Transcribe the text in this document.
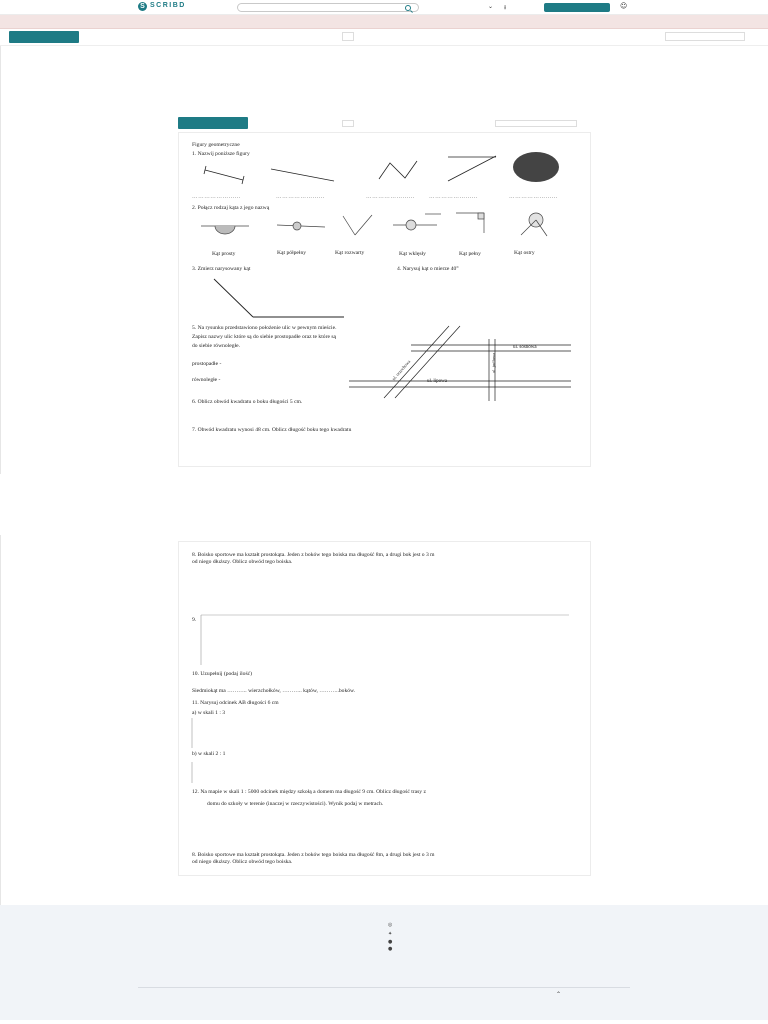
S SCRIBD	⌄ ⭳	☺
Figury geometryczne
1. Nazwij poniższe figury
……………………	……………………	……………………	……………………	……………………
2. Połącz rodzaj kąta z jego nazwą
Kąt prosty	Kąt półpełny	Kąt rozwarty	Kąt wklęsły	Kąt pełny	Kąt ostry
3. Zmierz narysowany kąt	4. Narysuj kąt o mierze 40°
5. Na rysunku przedstawiono położenie ulic w pewnym mieście.
Zapisz nazwy ulic które są do siebie prostopadłe oraz te które są
do siebie równoległe.	ul. sosnowa
ul. lipowa
ul. orzechowa	ul. jodłowa
prostopadłe -
równoległe -
6. Oblicz obwód kwadratu o boku długości 5 cm.
7. Obwód kwadratu wynosi 48 cm. Oblicz długość boku tego kwadratu
8. Boisko sportowe ma kształt prostokąta. Jeden z boków tego boiska ma długość 8m, a drugi bok jest o 3 m
od niego dłuższy. Oblicz obwód tego boiska.
9.
10. Uzupełnij (podaj ilość)
Siedmiokąt ma ……….. wierzchołków, ……….. kątów, ………..boków.
11. Narysuj odcinek AB długości 6 cm
a) w skali 1 : 3
b) w skali 2 : 1
12. Na mapie w skali 1 : 5000 odcinek między szkołą a domem ma długość 9 cm. Oblicz długość trasy z
domu do szkoły w terenie (inaczej w rzeczywistości). Wynik podaj w metrach.
8. Boisko sportowe ma kształt prostokąta. Jeden z boków tego boiska ma długość 8m, a drugi bok jest o 3 m
od niego dłuższy. Oblicz obwód tego boiska.
◎
✦
●
●
⌃
